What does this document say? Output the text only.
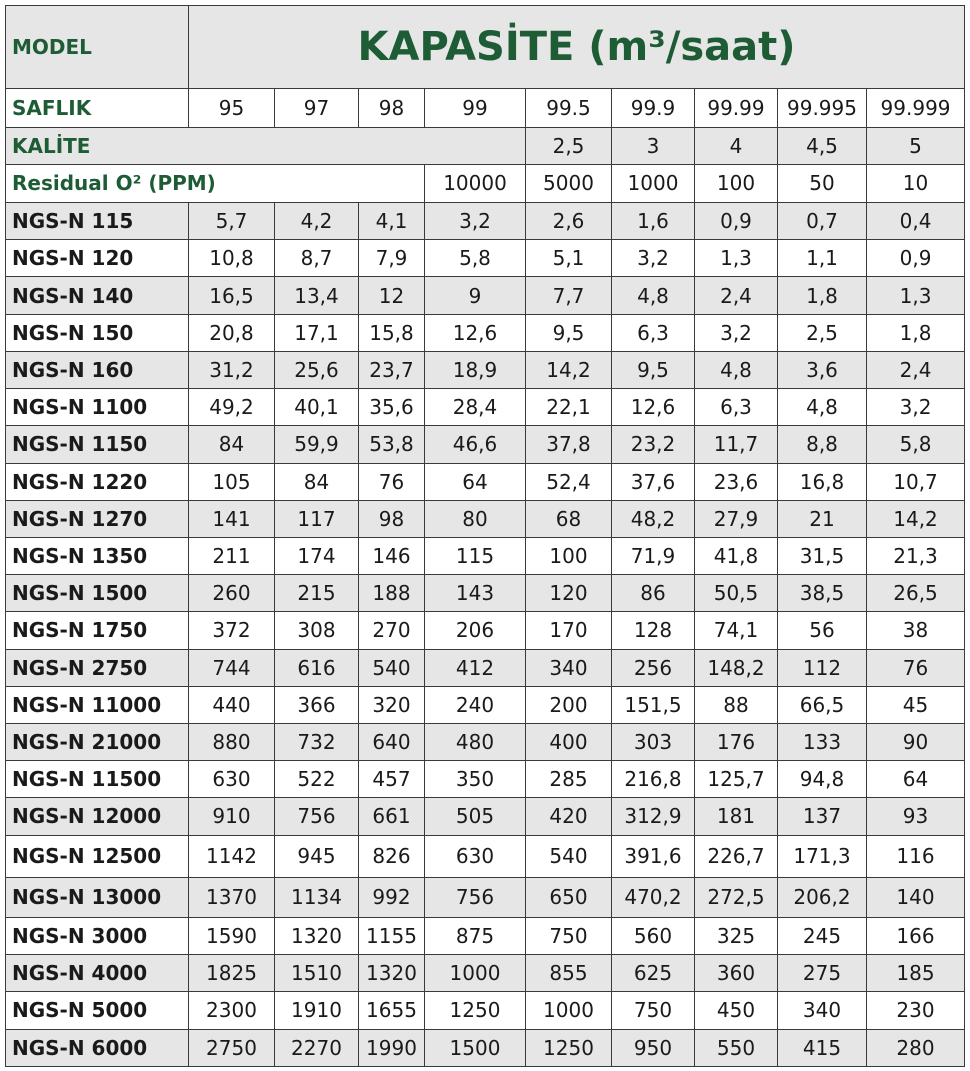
MODEL	KAPASİTE (m³/saat)								
SAFLIK	95	97	98	99	99.5	99.9	99.99	99.995	99.999
KALİTE					2,5	3	4	4,5	5
Residual O² (PPM)				10000	5000	1000	100	50	10
NGS-N 115	5,7	4,2	4,1	3,2	2,6	1,6	0,9	0,7	0,4
NGS-N 120	10,8	8,7	7,9	5,8	5,1	3,2	1,3	1,1	0,9
NGS-N 140	16,5	13,4	12	9	7,7	4,8	2,4	1,8	1,3
NGS-N 150	20,8	17,1	15,8	12,6	9,5	6,3	3,2	2,5	1,8
NGS-N 160	31,2	25,6	23,7	18,9	14,2	9,5	4,8	3,6	2,4
NGS-N 1100	49,2	40,1	35,6	28,4	22,1	12,6	6,3	4,8	3,2
NGS-N 1150	84	59,9	53,8	46,6	37,8	23,2	11,7	8,8	5,8
NGS-N 1220	105	84	76	64	52,4	37,6	23,6	16,8	10,7
NGS-N 1270	141	117	98	80	68	48,2	27,9	21	14,2
NGS-N 1350	211	174	146	115	100	71,9	41,8	31,5	21,3
NGS-N 1500	260	215	188	143	120	86	50,5	38,5	26,5
NGS-N 1750	372	308	270	206	170	128	74,1	56	38
NGS-N 2750	744	616	540	412	340	256	148,2	112	76
NGS-N 11000	440	366	320	240	200	151,5	88	66,5	45
NGS-N 21000	880	732	640	480	400	303	176	133	90
NGS-N 11500	630	522	457	350	285	216,8	125,7	94,8	64
NGS-N 12000	910	756	661	505	420	312,9	181	137	93
NGS-N 12500	1142	945	826	630	540	391,6	226,7	171,3	116
NGS-N 13000	1370	1134	992	756	650	470,2	272,5	206,2	140
NGS-N 3000	1590	1320	1155	875	750	560	325	245	166
NGS-N 4000	1825	1510	1320	1000	855	625	360	275	185
NGS-N 5000	2300	1910	1655	1250	1000	750	450	340	230
NGS-N 6000	2750	2270	1990	1500	1250	950	550	415	280
